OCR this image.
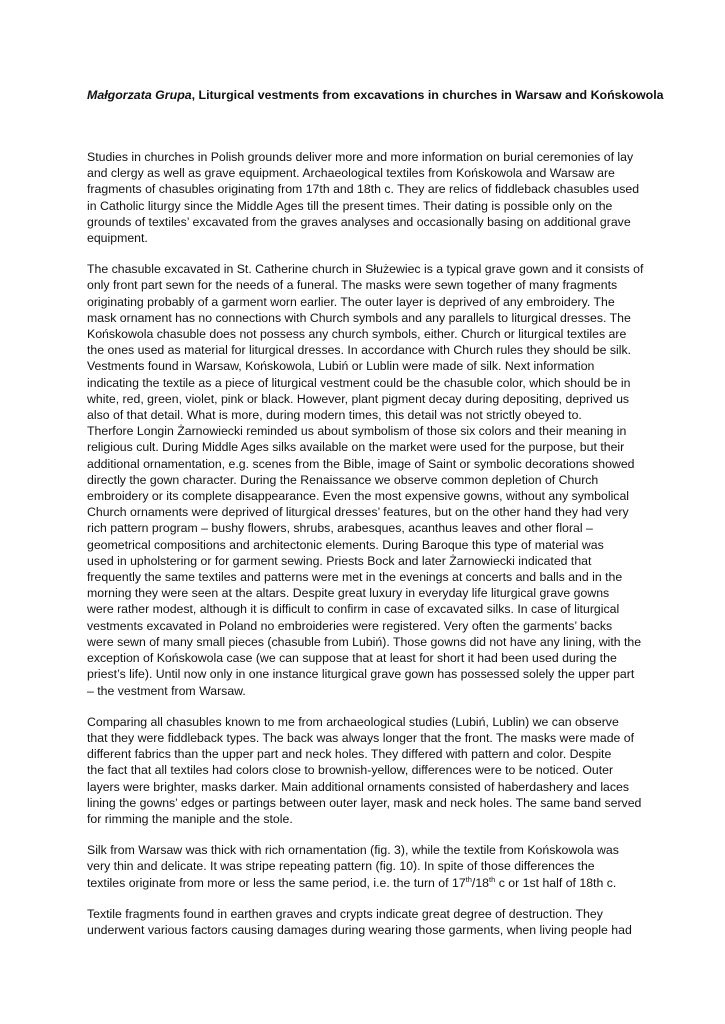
Małgorzata Grupa, Liturgical vestments from excavations in churches in Warsaw and Końskowola

Studies in churches in Polish grounds deliver more and more information on burial ceremonies of lay
and clergy as well as grave equipment. Archaeological textiles from Końskowola and Warsaw are
fragments of chasubles originating from 17th and 18th c. They are relics of fiddleback chasubles used
in Catholic liturgy since the Middle Ages till the present times. Their dating is possible only on the
grounds of textiles’ excavated from the graves analyses and occasionally basing on additional grave
equipment.

The chasuble excavated in St. Catherine church in Służewiec is a typical grave gown and it consists of
only front part sewn for the needs of a funeral. The masks were sewn together of many fragments
originating probably of a garment worn earlier. The outer layer is deprived of any embroidery. The
mask ornament has no connections with Church symbols and any parallels to liturgical dresses. The
Końskowola chasuble does not possess any church symbols, either. Church or liturgical textiles are
the ones used as material for liturgical dresses. In accordance with Church rules they should be silk.
Vestments found in Warsaw, Końskowola, Lubiń or Lublin were made of silk. Next information
indicating the textile as a piece of liturgical vestment could be the chasuble color, which should be in
white, red, green, violet, pink or black. However, plant pigment decay during depositing, deprived us
also of that detail. What is more, during modern times, this detail was not strictly obeyed to.
Therfore Longin Żarnowiecki reminded us about symbolism of those six colors and their meaning in
religious cult. During Middle Ages silks available on the market were used for the purpose, but their
additional ornamentation, e.g. scenes from the Bible, image of Saint or symbolic decorations showed
directly the gown character. During the Renaissance we observe common depletion of Church
embroidery or its complete disappearance. Even the most expensive gowns, without any symbolical
Church ornaments were deprived of liturgical dresses’ features, but on the other hand they had very
rich pattern program – bushy flowers, shrubs, arabesques, acanthus leaves and other floral –
geometrical compositions and architectonic elements. During Baroque this type of material was
used in upholstering or for garment sewing. Priests Bock and later Żarnowiecki indicated that
frequently the same textiles and patterns were met in the evenings at concerts and balls and in the
morning they were seen at the altars. Despite great luxury in everyday life liturgical grave gowns
were rather modest, although it is difficult to confirm in case of excavated silks. In case of liturgical
vestments excavated in Poland no embroideries were registered. Very often the garments’ backs
were sewn of many small pieces (chasuble from Lubiń). Those gowns did not have any lining, with the
exception of Końskowola case (we can suppose that at least for short it had been used during the
priest’s life). Until now only in one instance liturgical grave gown has possessed solely the upper part
– the vestment from Warsaw.

Comparing all chasubles known to me from archaeological studies (Lubiń, Lublin) we can observe
that they were fiddleback types. The back was always longer that the front. The masks were made of
different fabrics than the upper part and neck holes. They differed with pattern and color. Despite
the fact that all textiles had colors close to brownish-yellow, differences were to be noticed. Outer
layers were brighter, masks darker. Main additional ornaments consisted of haberdashery and laces
lining the gowns’ edges or partings between outer layer, mask and neck holes. The same band served
for rimming the maniple and the stole.

Silk from Warsaw was thick with rich ornamentation (fig. 3), while the textile from Końskowola was
very thin and delicate. It was stripe repeating pattern (fig. 10). In spite of those differences the
textiles originate from more or less the same period, i.e. the turn of 17th/18th c or 1st half of 18th c.

Textile fragments found in earthen graves and crypts indicate great degree of destruction. They
underwent various factors causing damages during wearing those garments, when living people had
